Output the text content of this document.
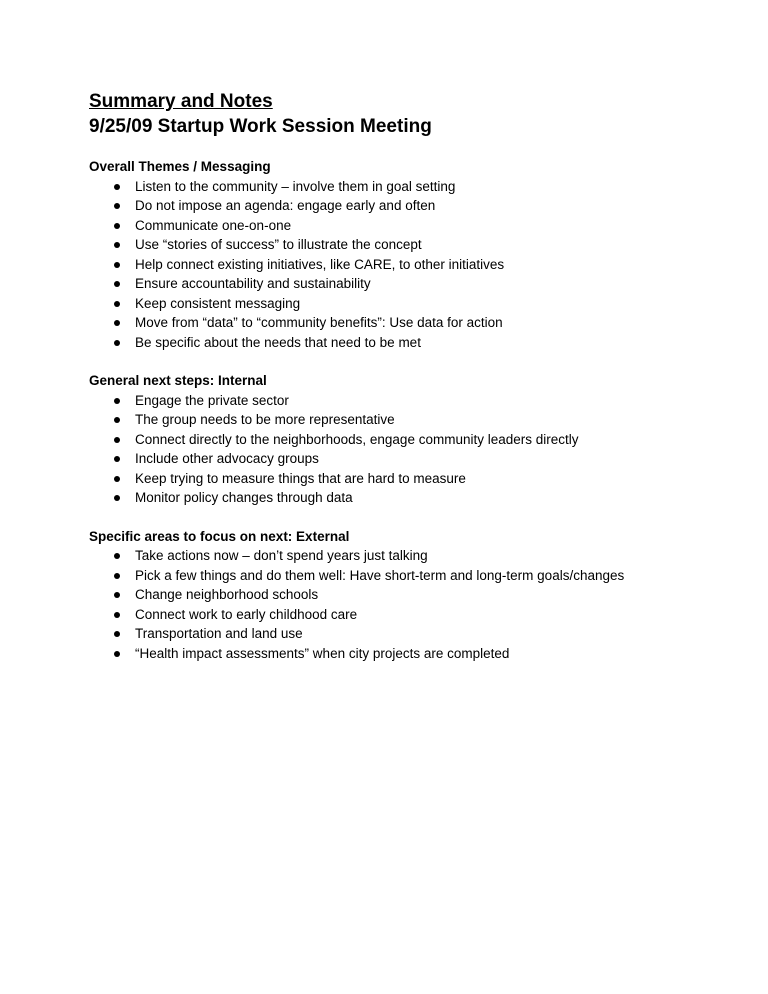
Summary and Notes
9/25/09 Startup Work Session Meeting
Overall Themes / Messaging
Listen to the community – involve them in goal setting
Do not impose an agenda: engage early and often
Communicate one-on-one
Use “stories of success” to illustrate the concept
Help connect existing initiatives, like CARE, to other initiatives
Ensure accountability and sustainability
Keep consistent messaging
Move from “data” to “community benefits”: Use data for action
Be specific about the needs that need to be met
General next steps: Internal
Engage the private sector
The group needs to be more representative
Connect directly to the neighborhoods, engage community leaders directly
Include other advocacy groups
Keep trying to measure things that are hard to measure
Monitor policy changes through data
Specific areas to focus on next: External
Take actions now – don’t spend years just talking
Pick a few things and do them well: Have short-term and long-term goals/changes
Change neighborhood schools
Connect work to early childhood care
Transportation and land use
“Health impact assessments” when city projects are completed
